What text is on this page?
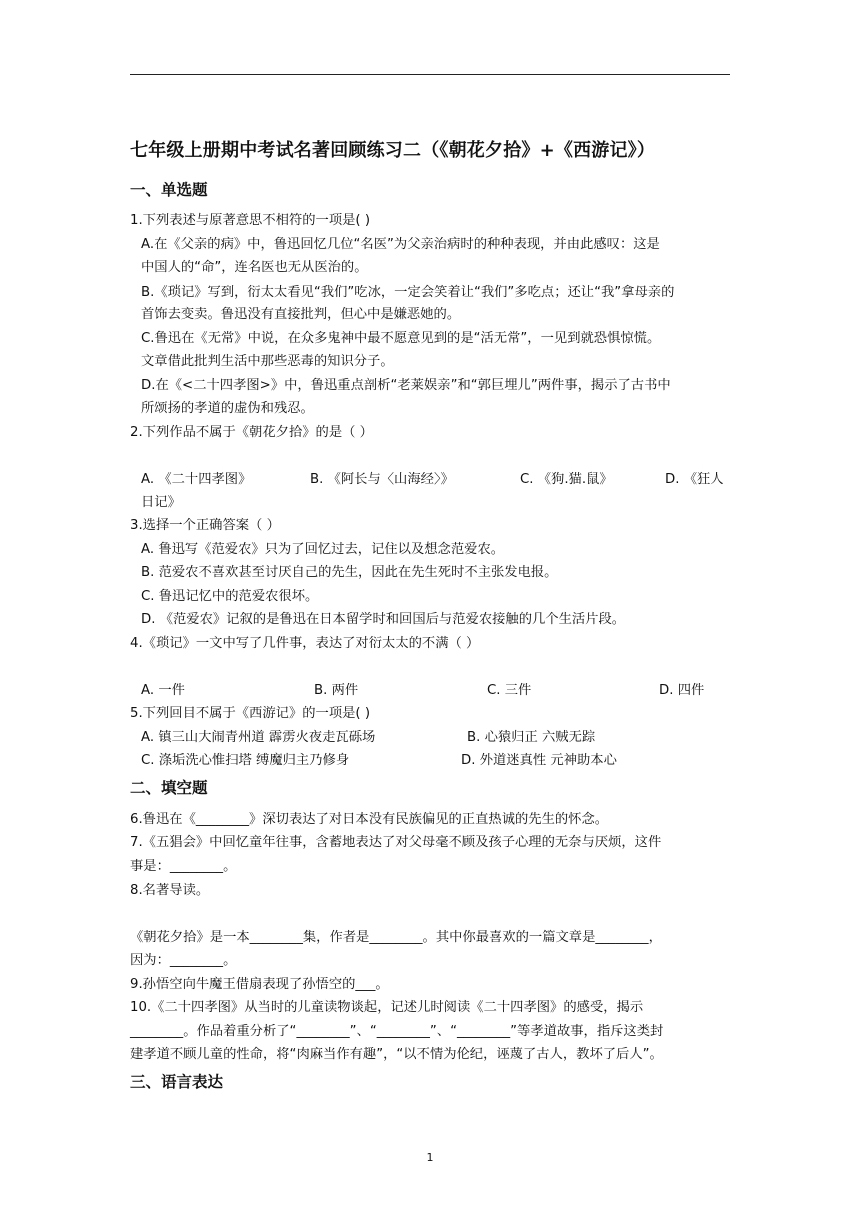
七年级上册期中考试名著回顾练习二（《朝花夕拾》+《西游记》）
一、单选题
1.下列表述与原著意思不相符的一项是( )
A.在《父亲的病》中，鲁迅回忆几位“名医”为父亲治病时的种种表现，并由此感叹：这是
中国人的“命”，连名医也无从医治的。
B.《琐记》写到，衍太太看见“我们”吃冰，一定会笑着让“我们”多吃点；还让“我”拿母亲的
首饰去变卖。鲁迅没有直接批判，但心中是嫌恶她的。
C.鲁迅在《无常》中说，在众多鬼神中最不愿意见到的是“活无常”，一见到就恐惧惊慌。
文章借此批判生活中那些恶毒的知识分子。
D.在《<二十四孝图>》中，鲁迅重点剖析“老莱娱亲”和“郭巨埋儿”两件事，揭示了古书中
所颂扬的孝道的虚伪和残忍。
2.下列作品不属于《朝花夕拾》的是（ ）
A. 《二十四孝图》	B. 《阿长与〈山海经〉》	C. 《狗.猫.鼠》	D. 《狂人
日记》
3.选择一个正确答案（ ）
A. 鲁迅写《范爱农》只为了回忆过去，记住以及想念范爱农。
B. 范爱农不喜欢甚至讨厌自己的先生，因此在先生死时不主张发电报。
C. 鲁迅记忆中的范爱农很坏。
D. 《范爱农》记叙的是鲁迅在日本留学时和回国后与范爱农接触的几个生活片段。
4.《琐记》一文中写了几件事，表达了对衍太太的不满（ ）
A. 一件	B. 两件	C. 三件	D. 四件
5.下列回目不属于《西游记》的一项是( )
A. 镇三山大闹青州道 霹雳火夜走瓦砾场	B. 心猿归正 六贼无踪
C. 涤垢洗心惟扫塔 缚魔归主乃修身	D. 外道迷真性 元神助本心
二、填空题
6.鲁迅在《________》深切表达了对日本没有民族偏见的正直热诚的先生的怀念。
7.《五猖会》中回忆童年往事，含蓄地表达了对父母毫不顾及孩子心理的无奈与厌烦，这件
事是：________。
8.名著导读。
《朝花夕拾》是一本________集，作者是________。其中你最喜欢的一篇文章是________，
因为：________。
9.孙悟空向牛魔王借扇表现了孙悟空的___。
10.《二十四孝图》从当时的儿童读物谈起，记述儿时阅读《二十四孝图》的感受，揭示
________。作品着重分析了“________”、“________”、“________”等孝道故事，指斥这类封
建孝道不顾儿童的性命，将“肉麻当作有趣”，“以不情为伦纪，诬蔑了古人，教坏了后人”。
三、语言表达
1
